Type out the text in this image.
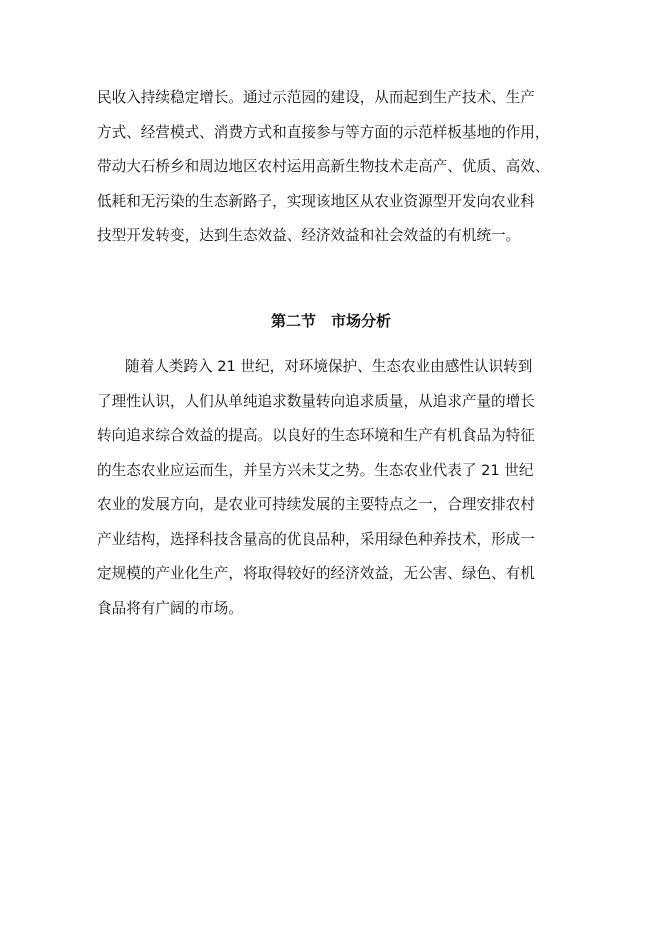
民收入持续稳定增长。通过示范园的建设，从而起到生产技术、生产
方式、经营模式、消费方式和直接参与等方面的示范样板基地的作用，
带动大石桥乡和周边地区农村运用高新生物技术走高产、优质、高效、
低耗和无污染的生态新路子，实现该地区从农业资源型开发向农业科
技型开发转变，达到生态效益、经济效益和社会效益的有机统一。
第二节　市场分析
随着人类跨入 21 世纪，对环境保护、生态农业由感性认识转到
了理性认识，人们从单纯追求数量转向追求质量，从追求产量的增长
转向追求综合效益的提高。以良好的生态环境和生产有机食品为特征
的生态农业应运而生，并呈方兴未艾之势。生态农业代表了 21 世纪
农业的发展方向，是农业可持续发展的主要特点之一，合理安排农村
产业结构，选择科技含量高的优良品种，采用绿色种养技术，形成一
定规模的产业化生产，将取得较好的经济效益，无公害、绿色、有机
食品将有广阔的市场。
